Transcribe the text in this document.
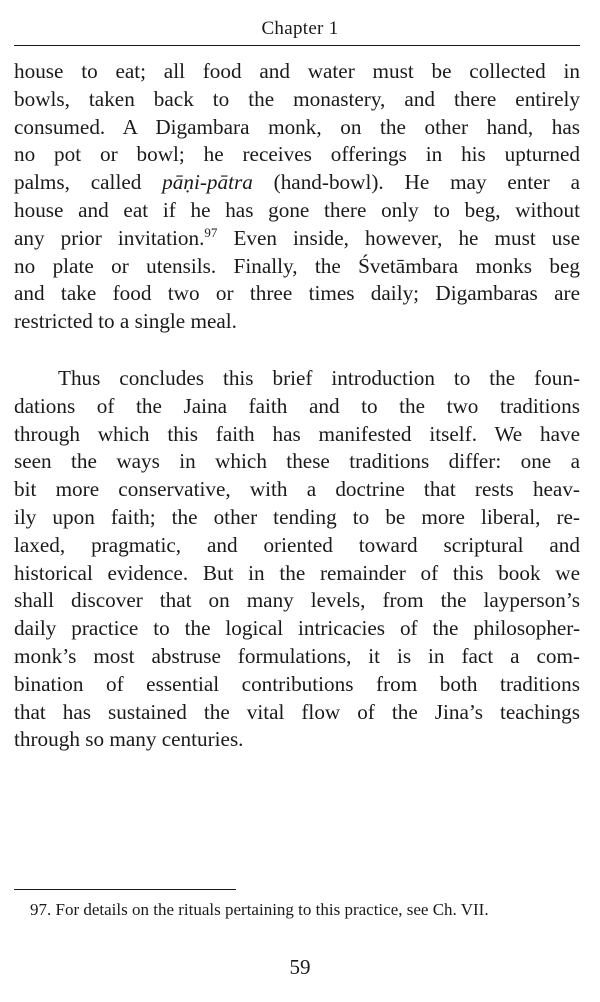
Chapter 1
house to eat; all food and water must be collected in
bowls, taken back to the monastery, and there entirely
consumed. A Digambara monk, on the other hand, has
no pot or bowl; he receives offerings in his upturned
palms, called pāṇi-pātra (hand-bowl). He may enter a
house and eat if he has gone there only to beg, without
any prior invitation.$^{97}$ Even inside, however, he must use
no plate or utensils. Finally, the Śvetāmbara monks beg
and take food two or three times daily; Digambaras are
restricted to a single meal.
Thus concludes this brief introduction to the foun-
dations of the Jaina faith and to the two traditions
through which this faith has manifested itself. We have
seen the ways in which these traditions differ: one a
bit more conservative, with a doctrine that rests heav-
ily upon faith; the other tending to be more liberal, re-
laxed, pragmatic, and oriented toward scriptural and
historical evidence. But in the remainder of this book we
shall discover that on many levels, from the layperson’s
daily practice to the logical intricacies of the philosopher-
monk’s most abstruse formulations, it is in fact a com-
bination of essential contributions from both traditions
that has sustained the vital flow of the Jina’s teachings
through so many centuries.
97. For details on the rituals pertaining to this practice, see Ch. VII.
59
